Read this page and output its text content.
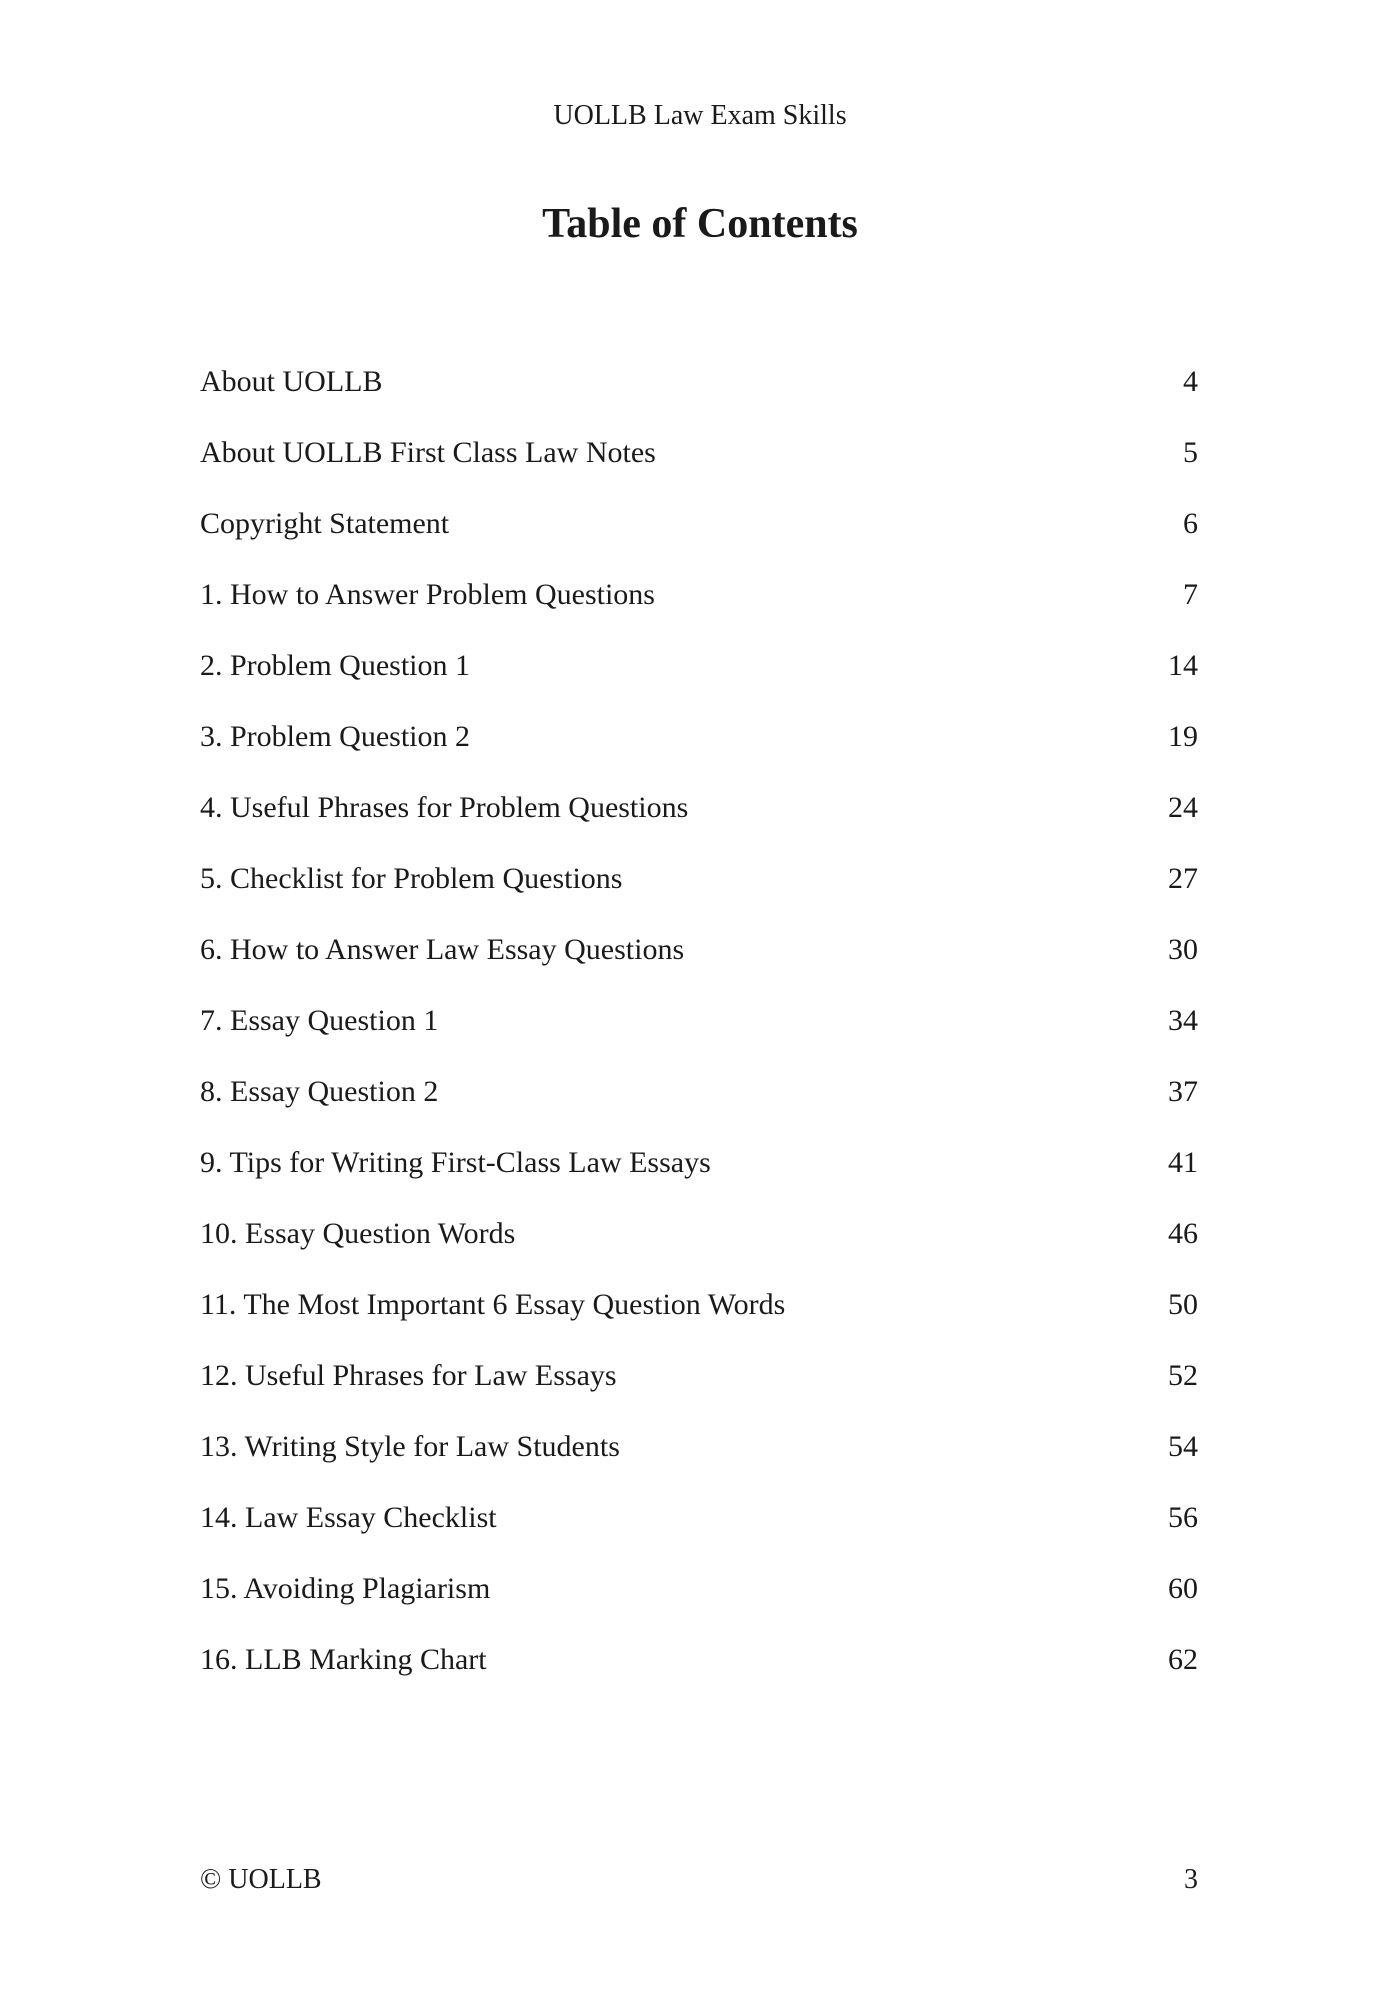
UOLLB Law Exam Skills
Table of Contents
About UOLLB	4
About UOLLB First Class Law Notes	5
Copyright Statement	6
1. How to Answer Problem Questions	7
2. Problem Question 1	14
3. Problem Question 2	19
4. Useful Phrases for Problem Questions	24
5. Checklist for Problem Questions	27
6. How to Answer Law Essay Questions	30
7. Essay Question 1	34
8. Essay Question 2	37
9. Tips for Writing First-Class Law Essays	41
10. Essay Question Words	46
11. The Most Important 6 Essay Question Words	50
12. Useful Phrases for Law Essays	52
13. Writing Style for Law Students	54
14. Law Essay Checklist	56
15. Avoiding Plagiarism	60
16. LLB Marking Chart	62
© UOLLB	3
